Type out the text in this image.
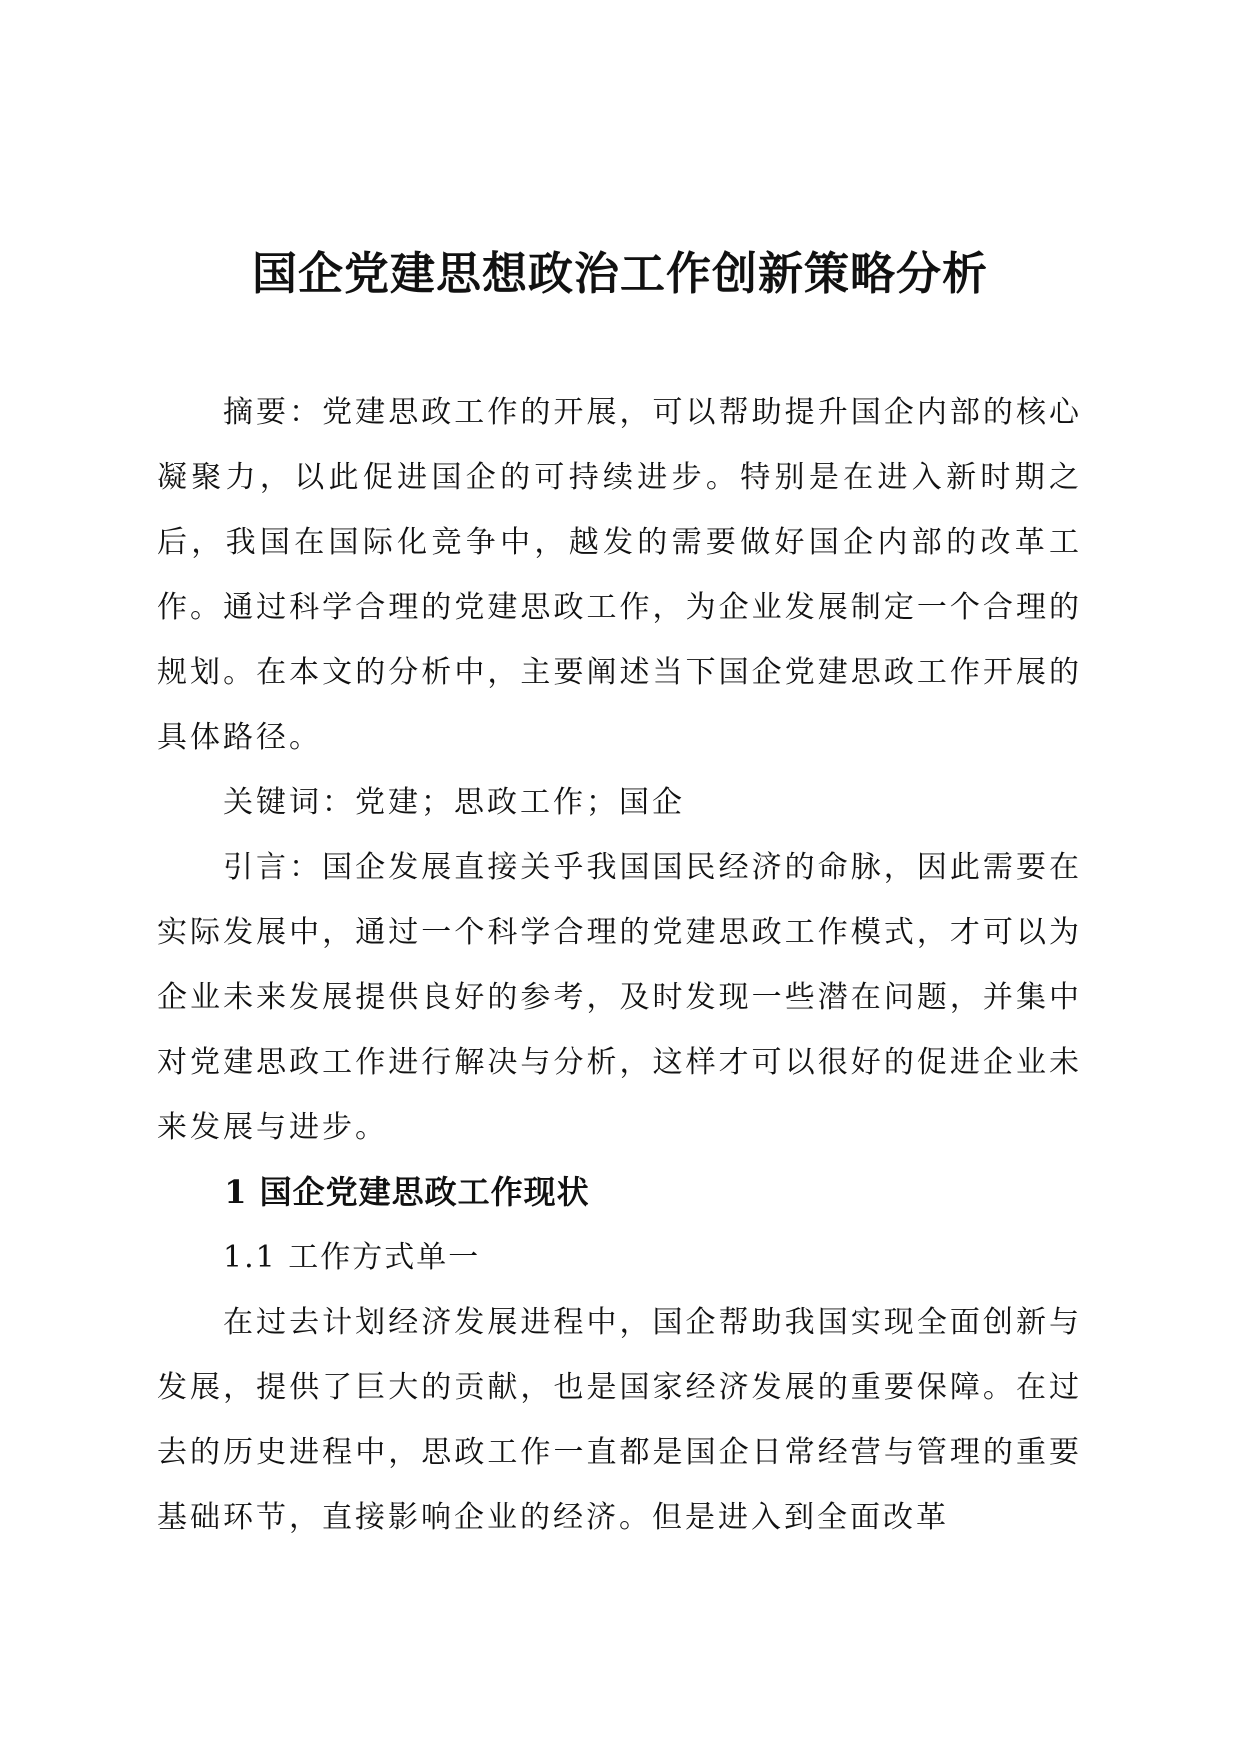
国企党建思想政治工作创新策略分析

摘要：党建思政工作的开展，可以帮助提升国企内部的核心凝聚力，以此促进国企的可持续进步。特别是在进入新时期之后，我国在国际化竞争中，越发的需要做好国企内部的改革工作。通过科学合理的党建思政工作，为企业发展制定一个合理的规划。在本文的分析中，主要阐述当下国企党建思政工作开展的具体路径。

关键词：党建；思政工作；国企

引言：国企发展直接关乎我国国民经济的命脉，因此需要在实际发展中，通过一个科学合理的党建思政工作模式，才可以为企业未来发展提供良好的参考，及时发现一些潜在问题，并集中对党建思政工作进行解决与分析，这样才可以很好的促进企业未来发展与进步。

1 国企党建思政工作现状

1.1 工作方式单一

在过去计划经济发展进程中，国企帮助我国实现全面创新与发展，提供了巨大的贡献，也是国家经济发展的重要保障。在过去的历史进程中，思政工作一直都是国企日常经营与管理的重要基础环节，直接影响企业的经济。但是进入到全面改革
